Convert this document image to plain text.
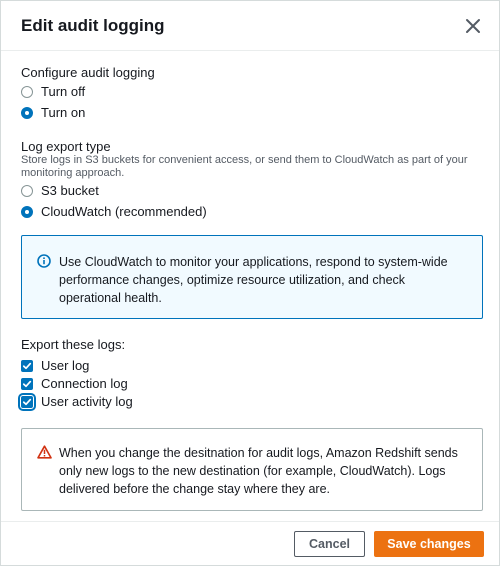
Edit audit logging
Configure audit logging
Turn off
Turn on
Log export type
Store logs in S3 buckets for convenient access, or send them to CloudWatch as part of your monitoring approach.
S3 bucket
CloudWatch (recommended)
Use CloudWatch to monitor your applications, respond to system-wide performance changes, optimize resource utilization, and check operational health.
Export these logs:
User log
Connection log
User activity log
When you change the desitnation for audit logs, Amazon Redshift sends only new logs to the new destination (for example, CloudWatch). Logs delivered before the change stay where they are.
Cancel	Save changes
